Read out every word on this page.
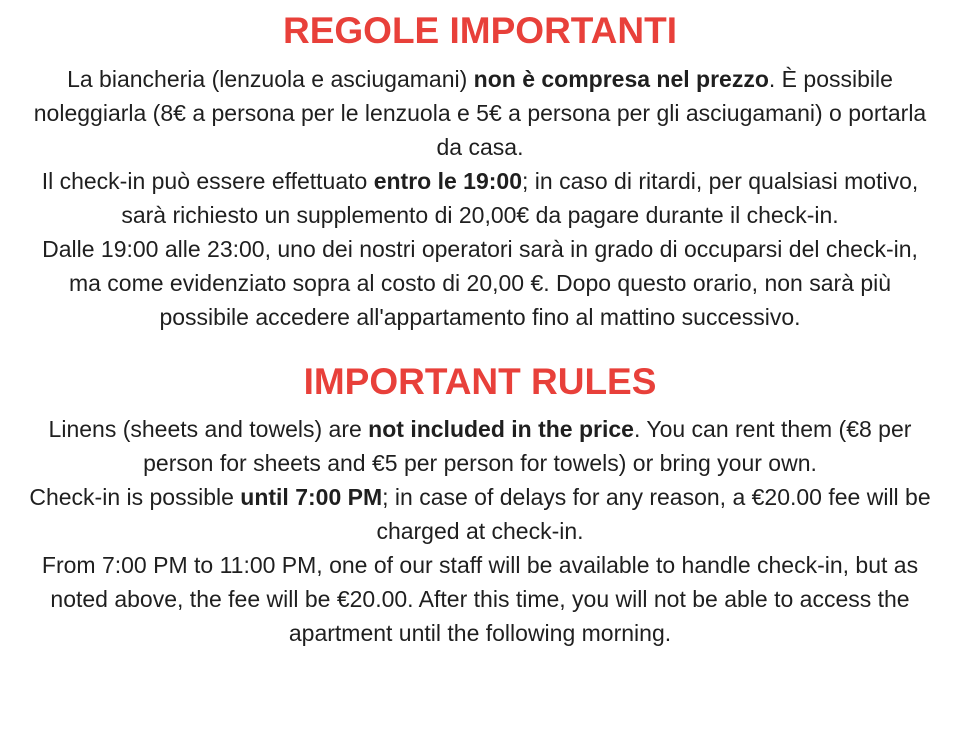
REGOLE IMPORTANTI

La biancheria (lenzuola e asciugamani) non è compresa nel prezzo. È possibile noleggiarla (8€ a persona per le lenzuola e 5€ a persona per gli asciugamani) o portarla da casa.

Il check-in può essere effettuato entro le 19:00; in caso di ritardi, per qualsiasi motivo, sarà richiesto un supplemento di 20,00€ da pagare durante il check-in.

Dalle 19:00 alle 23:00, uno dei nostri operatori sarà in grado di occuparsi del check-in, ma come evidenziato sopra al costo di 20,00 €. Dopo questo orario, non sarà più possibile accedere all'appartamento fino al mattino successivo.

IMPORTANT RULES

Linens (sheets and towels) are not included in the price. You can rent them (€8 per person for sheets and €5 per person for towels) or bring your own.

Check-in is possible until 7:00 PM; in case of delays for any reason, a €20.00 fee will be charged at check-in.

From 7:00 PM to 11:00 PM, one of our staff will be available to handle check-in, but as noted above, the fee will be €20.00. After this time, you will not be able to access the apartment until the following morning.
